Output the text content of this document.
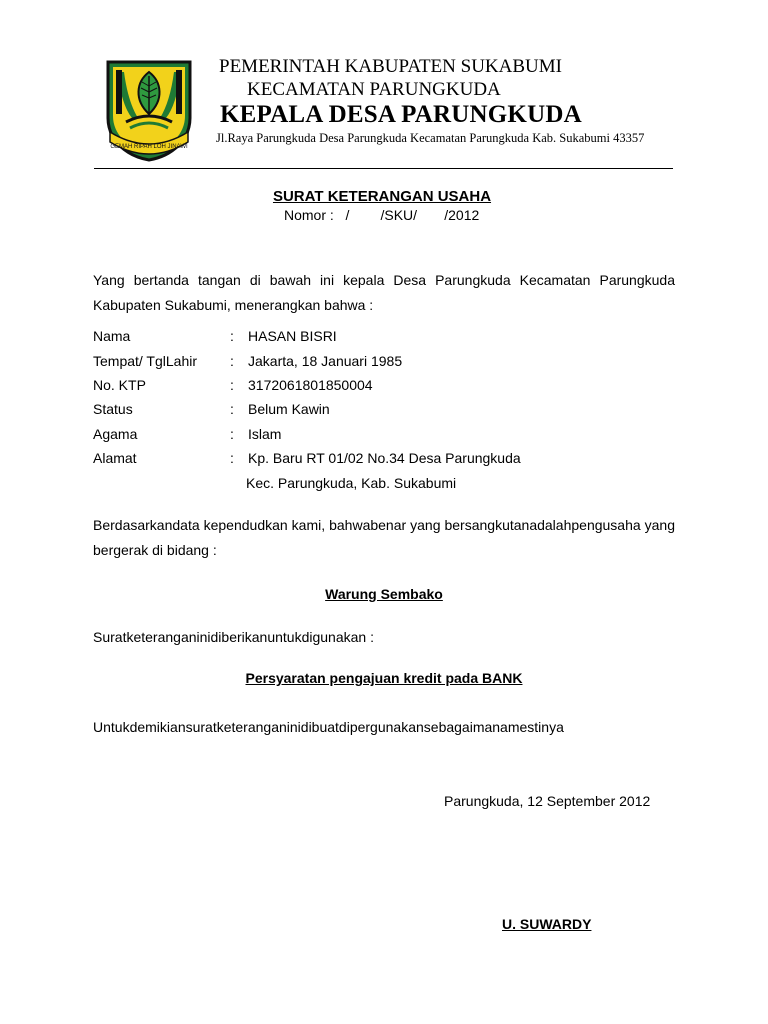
GEMAH RIPAH LOH JINAWI
PEMERINTAH KABUPATEN SUKABUMI
KECAMATAN PARUNGKUDA
KEPALA DESA PARUNGKUDA
Jl.Raya Parungkuda Desa Parungkuda Kecamatan Parungkuda Kab. Sukabumi 43357
SURAT KETERANGAN USAHA
Nomor :   /        /SKU/       /2012
Yang bertanda tangan di bawah ini kepala Desa Parungkuda Kecamatan Parungkuda Kabupaten Sukabumi, menerangkan bahwa :
Nama	: HASAN BISRI
Tempat/ TglLahir : Jakarta, 18 Januari 1985
No. KTP	: 3172061801850004
Status	: Belum Kawin
Agama	: Islam
Alamat	: Kp. Baru RT 01/02 No.34 Desa Parungkuda
Kec. Parungkuda, Kab. Sukabumi
Berdasarkandata kependudkan kami, bahwabenar yang bersangkutanadalahpengusaha yang bergerak di bidang :
Warung Sembako
Suratketeranganinidiberikanuntukdigunakan :
Persyaratan pengajuan kredit pada BANK
Untukdemikiansuratketeranganinidibuatdipergunakansebagaimanamestinya
Parungkuda, 12 September 2012
U. SUWARDY
